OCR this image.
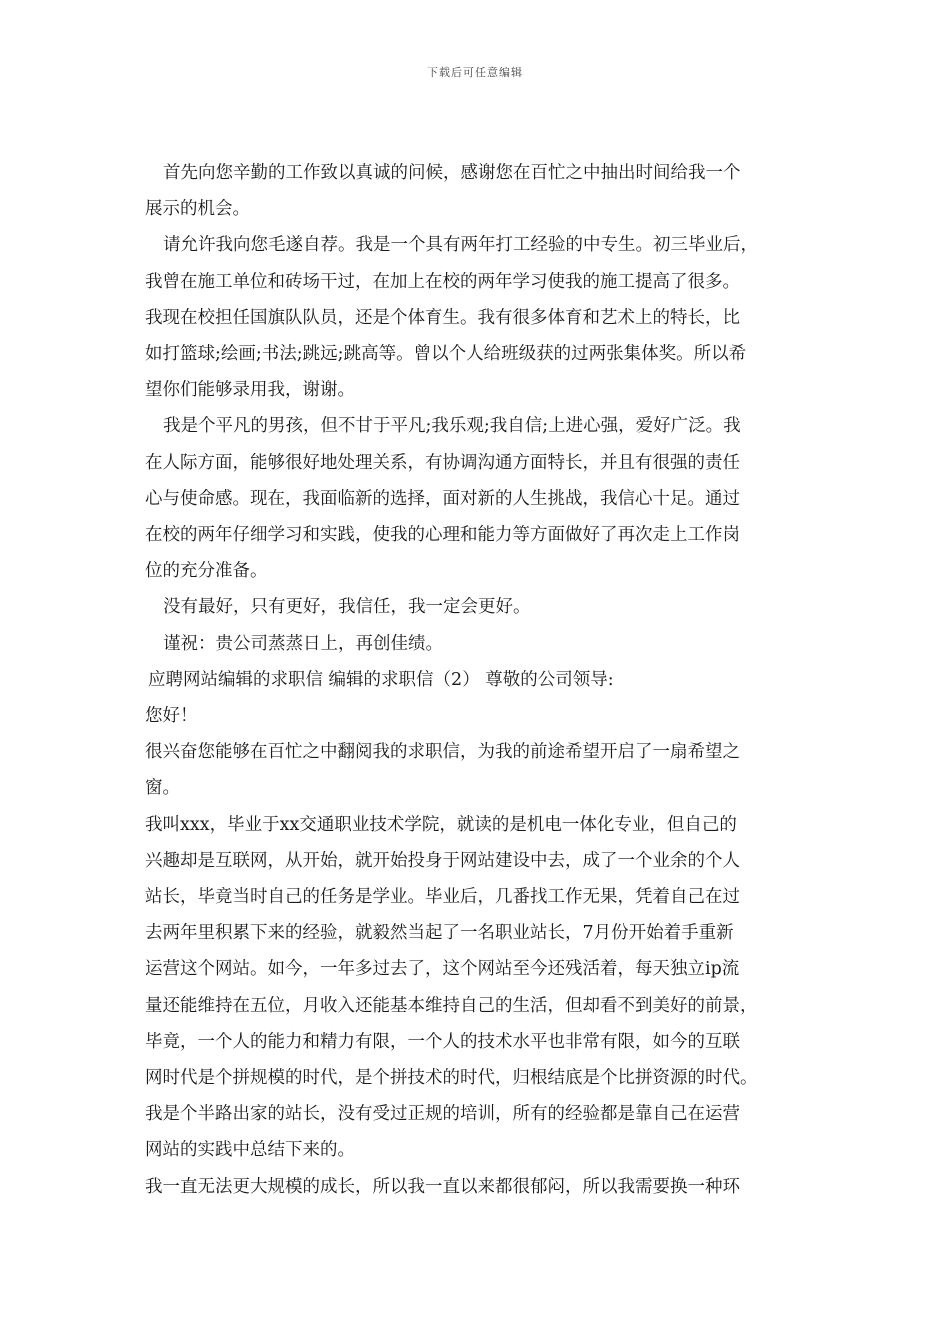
下载后可任意编辑

首先向您辛勤的工作致以真诚的问候，感谢您在百忙之中抽出时间给我一个

展示的机会。

请允许我向您毛遂自荐。我是一个具有两年打工经验的中专生。初三毕业后，

我曾在施工单位和砖场干过，在加上在校的两年学习使我的施工提高了很多。

我现在校担任国旗队队员，还是个体育生。我有很多体育和艺术上的特长，比

如打篮球;绘画;书法;跳远;跳高等。曾以个人给班级获的过两张集体奖。所以希

望你们能够录用我，谢谢。

我是个平凡的男孩，但不甘于平凡;我乐观;我自信;上进心强，爱好广泛。我

在人际方面，能够很好地处理关系，有协调沟通方面特长，并且有很强的责任

心与使命感。现在，我面临新的选择，面对新的人生挑战，我信心十足。通过

在校的两年仔细学习和实践，使我的心理和能力等方面做好了再次走上工作岗

位的充分准备。

没有最好，只有更好，我信任，我一定会更好。

谨祝：贵公司蒸蒸日上，再创佳绩。

应聘网站编辑的求职信 编辑的求职信（2） 尊敬的公司领导:

您好！

很兴奋您能够在百忙之中翻阅我的求职信，为我的前途希望开启了一扇希望之

窗。

我叫xxx，毕业于xx交通职业技术学院，就读的是机电一体化专业，但自己的

兴趣却是互联网，从开始，就开始投身于网站建设中去，成了一个业余的个人

站长，毕竟当时自己的任务是学业。毕业后，几番找工作无果，凭着自己在过

去两年里积累下来的经验，就毅然当起了一名职业站长，7月份开始着手重新

运营这个网站。如今，一年多过去了，这个网站至今还残活着，每天独立ip流

量还能维持在五位，月收入还能基本维持自己的生活，但却看不到美好的前景，

毕竟，一个人的能力和精力有限，一个人的技术水平也非常有限，如今的互联

网时代是个拼规模的时代，是个拼技术的时代，归根结底是个比拼资源的时代。

我是个半路出家的站长，没有受过正规的培训，所有的经验都是靠自己在运营

网站的实践中总结下来的。

我一直无法更大规模的成长，所以我一直以来都很郁闷，所以我需要换一种环
